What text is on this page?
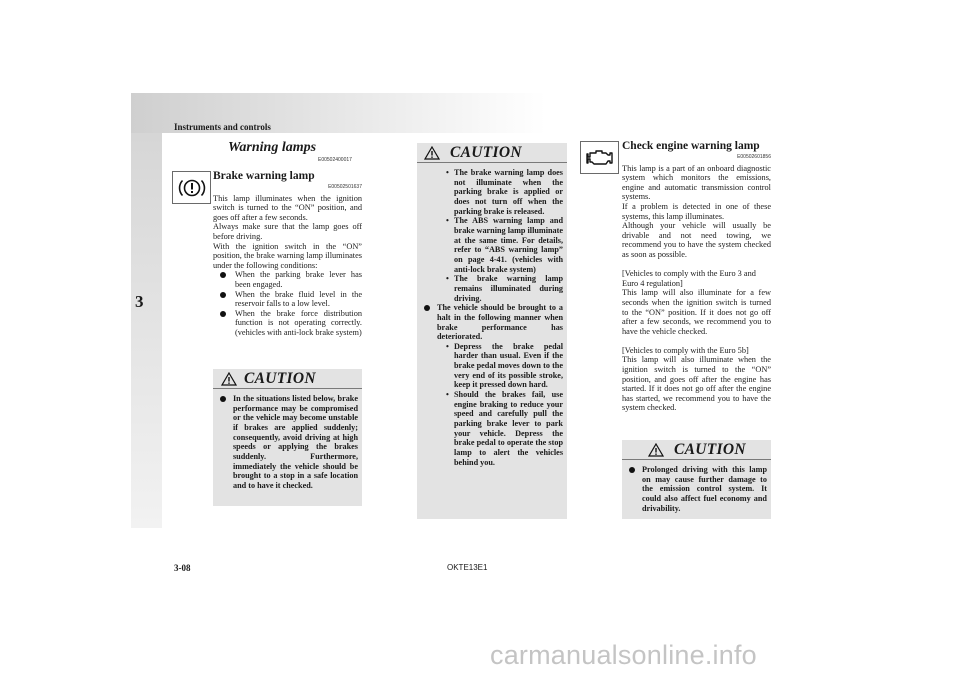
Instruments and controls
3
Warning lamps
E00502400017

Brake warning lamp

E00502501637

This lamp illuminates when the ignition switch is turned to the “ON” position, and goes off after a few seconds.

Always make sure that the lamp goes off before driving.

With the ignition switch in the “ON” position, the brake warning lamp illuminates under the following conditions:

When the parking brake lever has been engaged.
When the brake fluid level in the reservoir falls to a low level.
When the brake force distribution function is not operating correctly. (vehicles with anti-lock brake system)
CAUTION
In the situations listed below, brake performance may be compromised or the vehicle may become unstable if brakes are applied suddenly; consequently, avoid driving at high speeds or applying the brakes suddenly. Furthermore, immediately the vehicle should be brought to a stop in a safe location and to have it checked.
CAUTION
• The brake warning lamp does not illuminate when the parking brake is applied or does not turn off when the parking brake is released.
• The ABS warning lamp and brake warning lamp illuminate at the same time. For details, refer to “ABS warning lamp” on page 4-41. (vehicles with anti-lock brake system)
• The brake warning lamp remains illuminated during driving.
The vehicle should be brought to a halt in the following manner when brake performance has deteriorated.
• Depress the brake pedal harder than usual. Even if the brake pedal moves down to the very end of its possible stroke, keep it pressed down hard.
• Should the brakes fail, use engine braking to reduce your speed and carefully pull the parking brake lever to park your vehicle. Depress the brake pedal to operate the stop lamp to alert the vehicles behind you.

Check engine warning lamp

E00502601856

This lamp is a part of an onboard diagnostic system which monitors the emissions, engine and automatic transmission control systems.

If a problem is detected in one of these systems, this lamp illuminates.

Although your vehicle will usually be drivable and not need towing, we recommend you to have the system checked as soon as possible.

[Vehicles to comply with the Euro 3 and Euro 4 regulation]

This lamp will also illuminate for a few seconds when the ignition switch is turned to the “ON” position. If it does not go off after a few seconds, we recommend you to have the vehicle checked.

[Vehicles to comply with the Euro 5b]

This lamp will also illuminate when the ignition switch is turned to the “ON” position, and goes off after the engine has started. If it does not go off after the engine has started, we recommend you to have the system checked.

CAUTION
Prolonged driving with this lamp on may cause further damage to the emission control system. It could also affect fuel economy and drivability.
3-08	OKTE13E1
carmanualsonline.info
